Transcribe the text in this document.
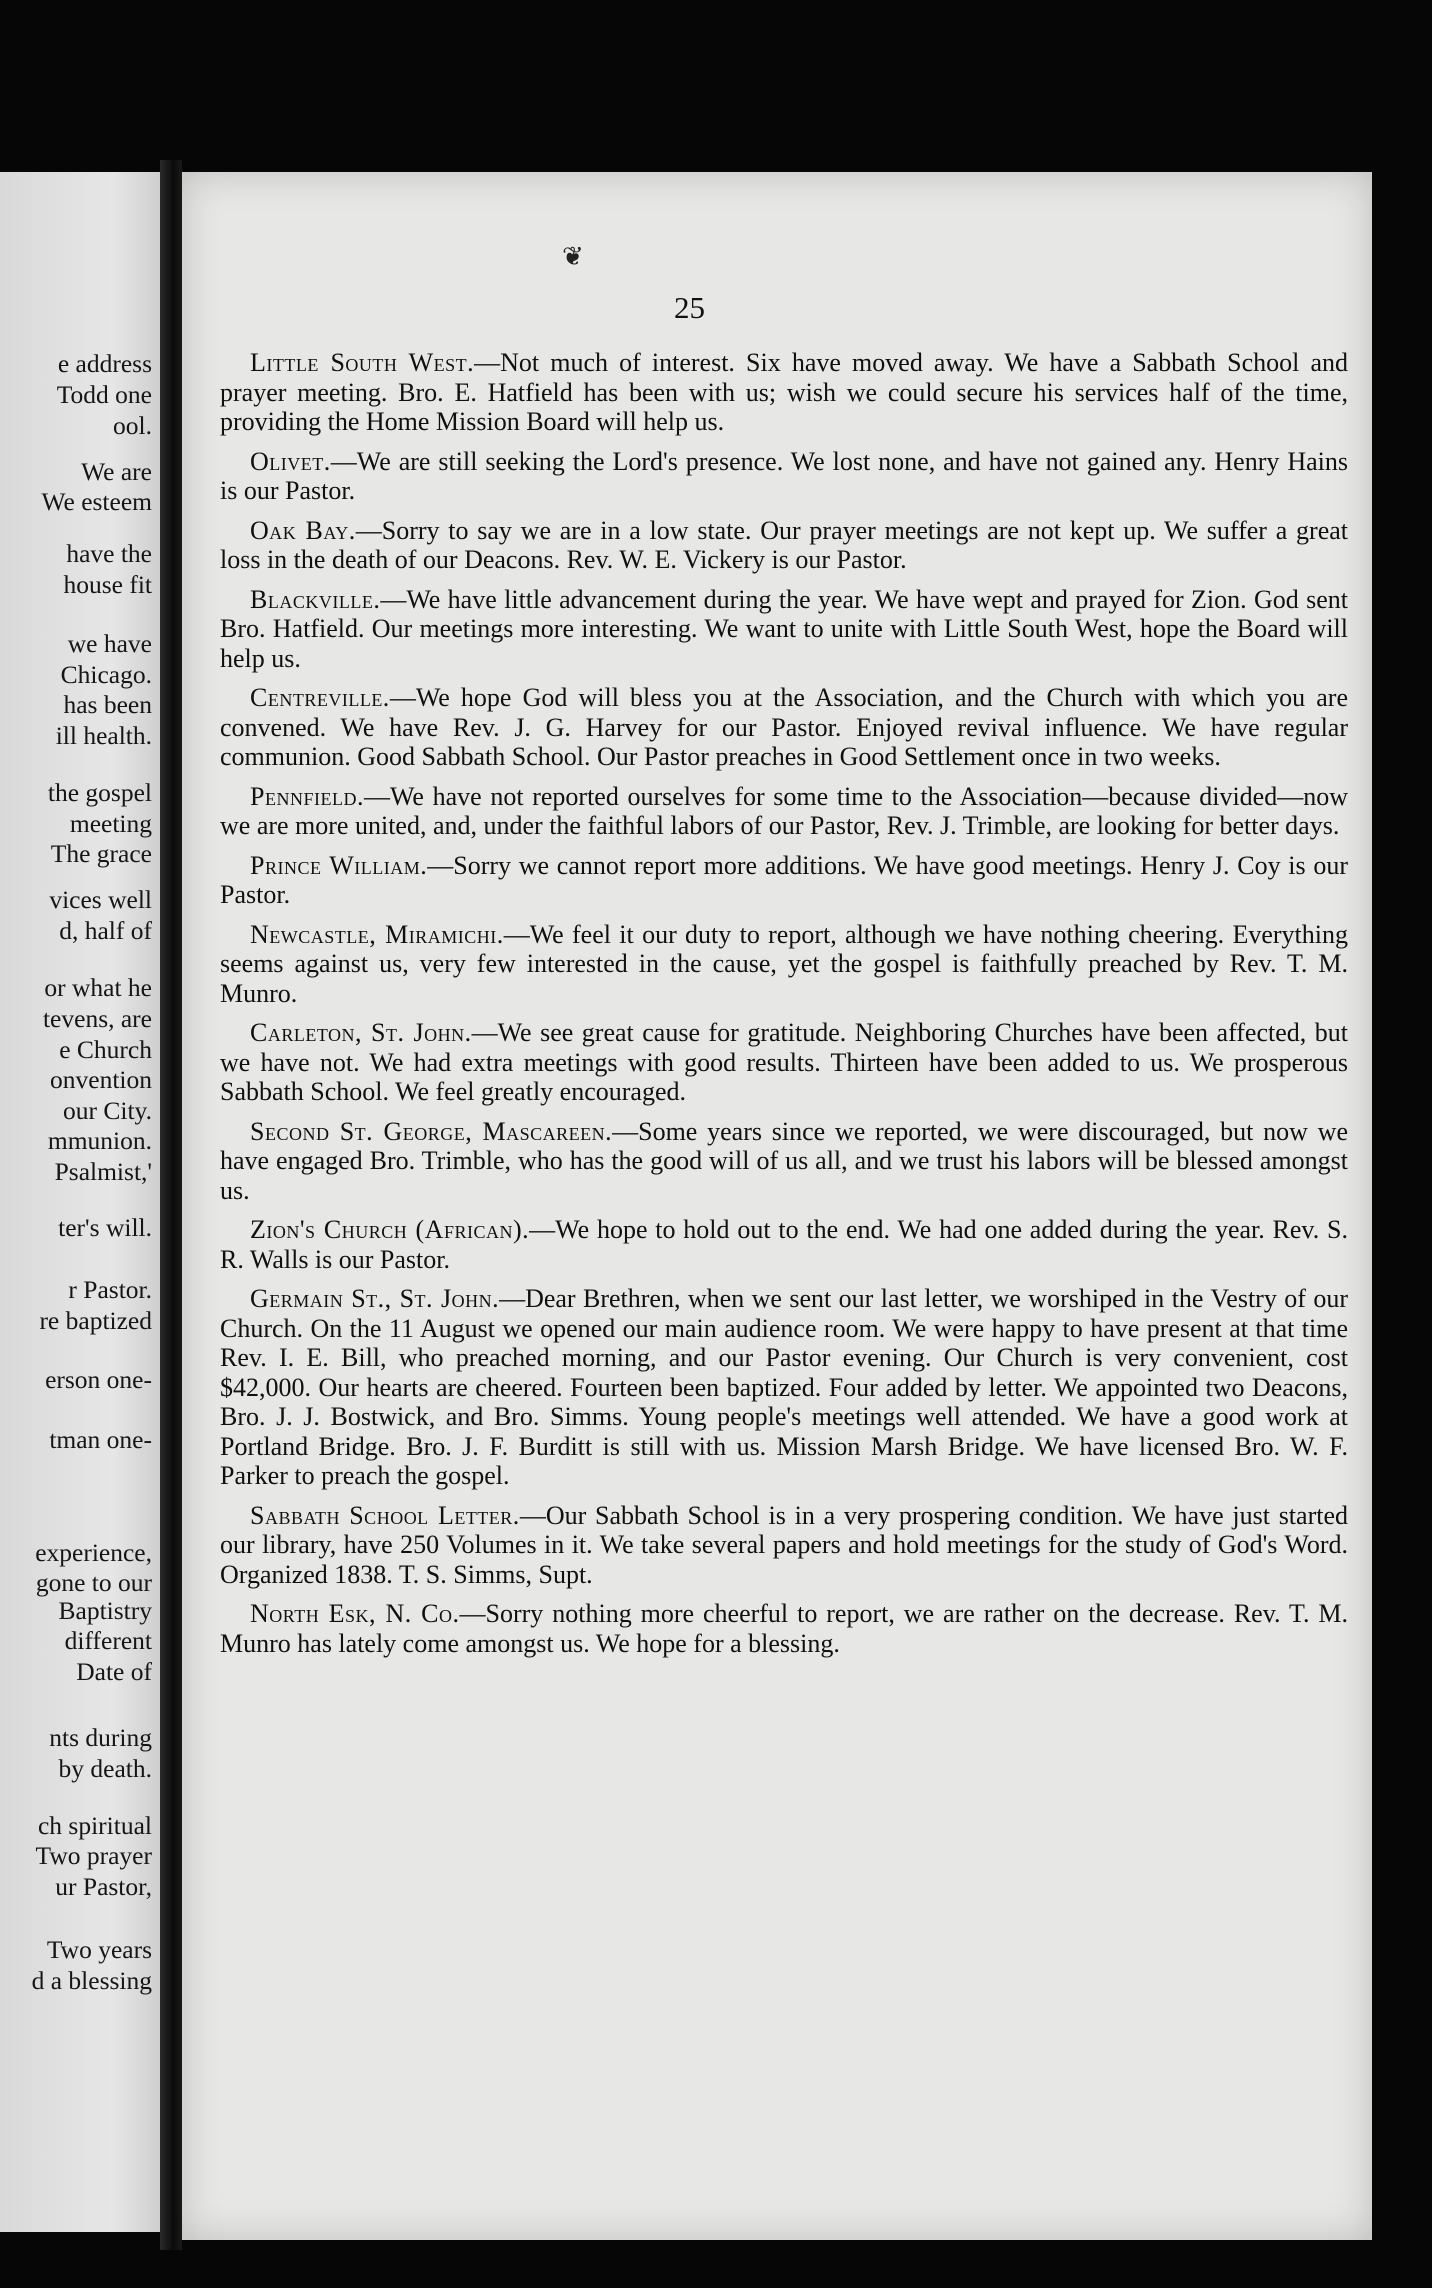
e address
Todd one
ool.
We are
We esteem
have the
house fit
we have
Chicago.
has been
ill health.
the gospel
meeting
The grace
vices well
d, half of
or what he
tevens, are
e Church
onvention
our City.
mmunion.
Psalmist,'
ter's will.
r Pastor.
re baptized
erson one-
tman one-
experience,
gone to our
Baptistry
different
Date of
nts during
by death.
ch spiritual
Two prayer
ur Pastor,
Two years
d a blessing
❦
25

Little South West.—Not much of interest. Six have moved away. We have a Sabbath School and prayer meeting. Bro. E. Hatfield has been with us; wish we could secure his services half of the time, providing the Home Mission Board will help us.

Olivet.—We are still seeking the Lord's presence. We lost none, and have not gained any. Henry Hains is our Pastor.

Oak Bay.—Sorry to say we are in a low state. Our prayer meetings are not kept up. We suffer a great loss in the death of our Deacons. Rev. W. E. Vickery is our Pastor.

Blackville.—We have little advancement during the year. We have wept and prayed for Zion. God sent Bro. Hatfield. Our meetings more interesting. We want to unite with Little South West, hope the Board will help us.

Centreville.—We hope God will bless you at the Association, and the Church with which you are convened. We have Rev. J. G. Harvey for our Pastor. Enjoyed revival influence. We have regular communion. Good Sabbath School. Our Pastor preaches in Good Settlement once in two weeks.

Pennfield.—We have not reported ourselves for some time to the Association—because divided—now we are more united, and, under the faithful labors of our Pastor, Rev. J. Trimble, are looking for better days.

Prince William.—Sorry we cannot report more additions. We have good meetings. Henry J. Coy is our Pastor.

Newcastle, Miramichi.—We feel it our duty to report, although we have nothing cheering. Everything seems against us, very few interested in the cause, yet the gospel is faithfully preached by Rev. T. M. Munro.

Carleton, St. John.—We see great cause for gratitude. Neighboring Churches have been affected, but we have not. We had extra meetings with good results. Thirteen have been added to us. We prosperous Sabbath School. We feel greatly encouraged.

Second St. George, Mascareen.—Some years since we reported, we were discouraged, but now we have engaged Bro. Trimble, who has the good will of us all, and we trust his labors will be blessed amongst us.

Zion's Church (African).—We hope to hold out to the end. We had one added during the year. Rev. S. R. Walls is our Pastor.

Germain St., St. John.—Dear Brethren, when we sent our last letter, we worshiped in the Vestry of our Church. On the 11 August we opened our main audience room. We were happy to have present at that time Rev. I. E. Bill, who preached morning, and our Pastor evening. Our Church is very convenient, cost $42,000. Our hearts are cheered. Fourteen been baptized. Four added by letter. We appointed two Deacons, Bro. J. J. Bostwick, and Bro. Simms. Young people's meetings well attended. We have a good work at Portland Bridge. Bro. J. F. Burditt is still with us. Mission Marsh Bridge. We have licensed Bro. W. F. Parker to preach the gospel.

Sabbath School Letter.—Our Sabbath School is in a very prospering condition. We have just started our library, have 250 Volumes in it. We take several papers and hold meetings for the study of God's Word. Organized 1838. T. S. Simms, Supt.

North Esk, N. Co.—Sorry nothing more cheerful to report, we are rather on the decrease. Rev. T. M. Munro has lately come amongst us. We hope for a blessing.
